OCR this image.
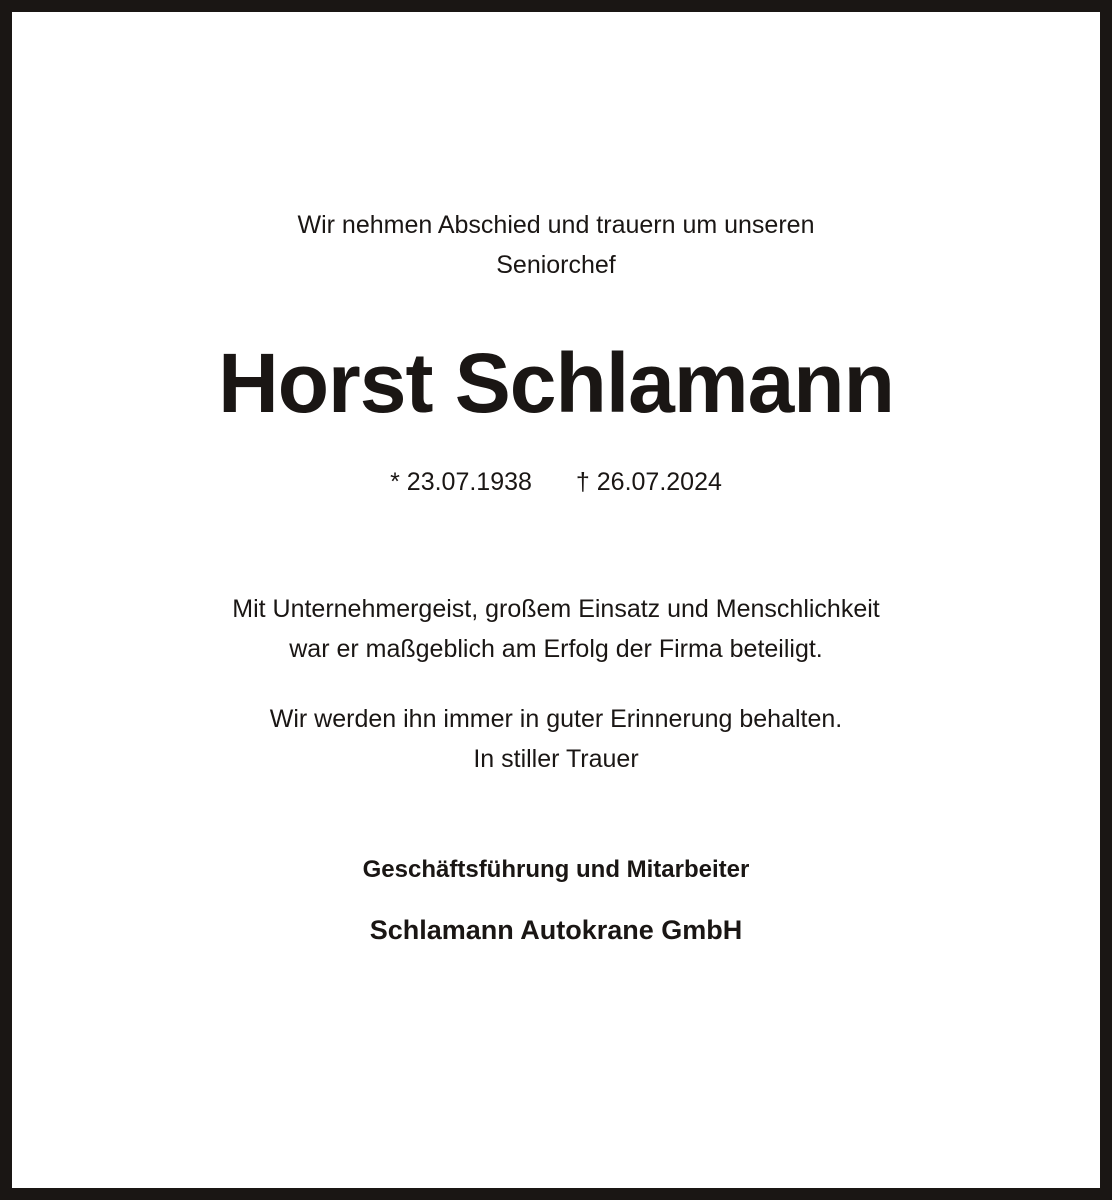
Wir nehmen Abschied und trauern um unseren
Seniorchef
Horst Schlamann
* 23.07.1938 † 26.07.2024
Mit Unternehmergeist, großem Einsatz und Menschlichkeit
war er maßgeblich am Erfolg der Firma beteiligt.
Wir werden ihn immer in guter Erinnerung behalten.
In stiller Trauer
Geschäftsführung und Mitarbeiter
Schlamann Autokrane GmbH
